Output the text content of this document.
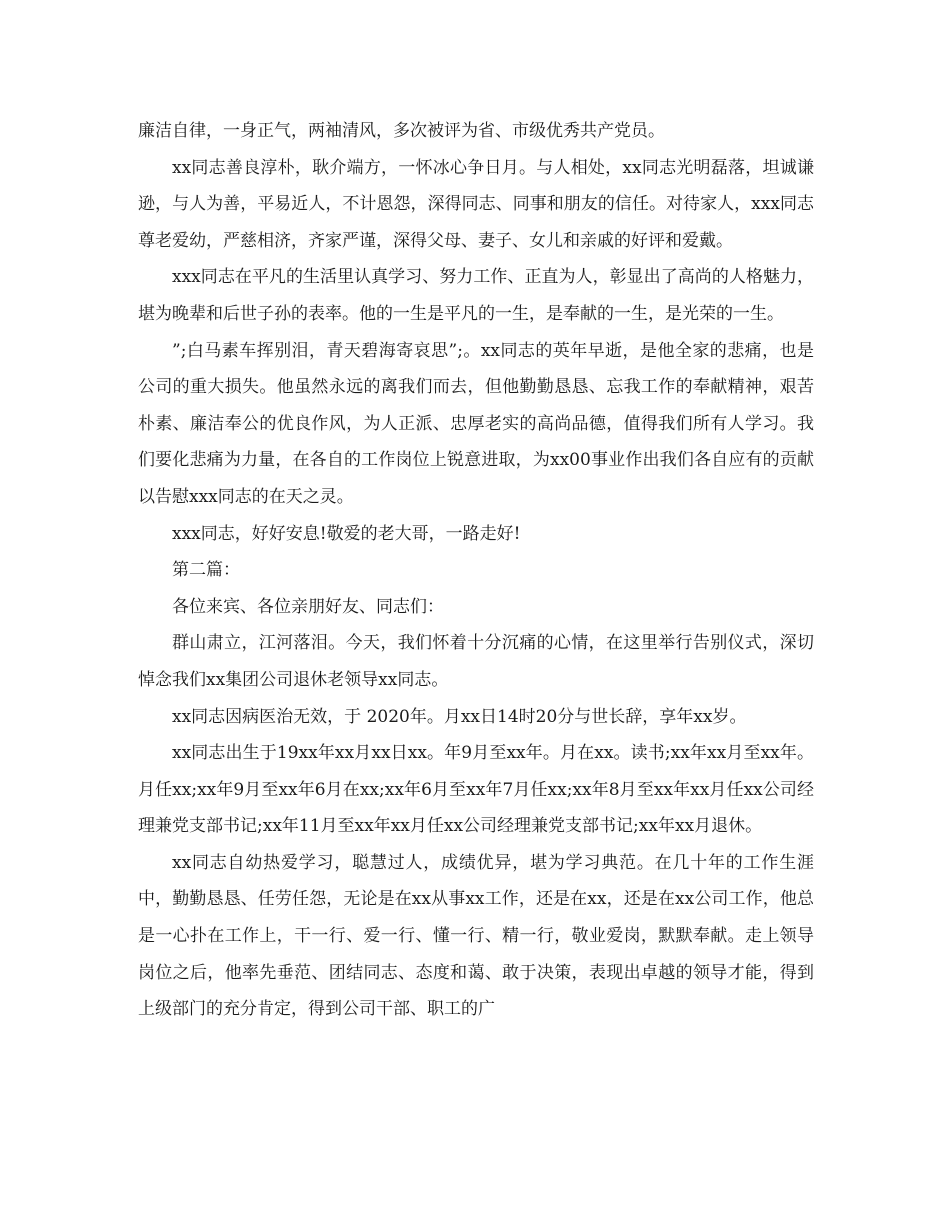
廉洁自律，一身正气，两袖清风，多次被评为省、市级优秀共产党员。

xx同志善良淳朴，耿介端方，一怀冰心争日月。与人相处，xx同志光明磊落，坦诚谦逊，与人为善，平易近人，不计恩怨，深得同志、同事和朋友的信任。对待家人，xxx同志尊老爱幼，严慈相济，齐家严谨，深得父母、妻子、女儿和亲戚的好评和爱戴。

xxx同志在平凡的生活里认真学习、努力工作、正直为人，彰显出了高尚的人格魅力，堪为晚辈和后世子孙的表率。他的一生是平凡的一生，是奉献的一生，是光荣的一生。

”;白马素车挥别泪，青天碧海寄哀思”;。xx同志的英年早逝，是他全家的悲痛，也是公司的重大损失。他虽然永远的离我们而去，但他勤勤恳恳、忘我工作的奉献精神，艰苦朴素、廉洁奉公的优良作风，为人正派、忠厚老实的高尚品德，值得我们所有人学习。我们要化悲痛为力量，在各自的工作岗位上锐意进取，为xx00事业作出我们各自应有的贡献以告慰xxx同志的在天之灵。

xxx同志，好好安息!敬爱的老大哥，一路走好!

第二篇：

各位来宾、各位亲朋好友、同志们：

群山肃立，江河落泪。今天，我们怀着十分沉痛的心情，在这里举行告别仪式，深切悼念我们xx集团公司退休老领导xx同志。

xx同志因病医治无效，于 2020年。月xx日14时20分与世长辞，享年xx岁。

xx同志出生于19xx年xx月xx日xx。年9月至xx年。月在xx。读书;xx年xx月至xx年。月任xx;xx年9月至xx年6月在xx;xx年6月至xx年7月任xx;xx年8月至xx年xx月任xx公司经理兼党支部书记;xx年11月至xx年xx月任xx公司经理兼党支部书记;xx年xx月退休。

xx同志自幼热爱学习，聪慧过人，成绩优异，堪为学习典范。在几十年的工作生涯中，勤勤恳恳、任劳任怨，无论是在xx从事xx工作，还是在xx，还是在xx公司工作，他总是一心扑在工作上，干一行、爱一行、懂一行、精一行，敬业爱岗，默默奉献。走上领导岗位之后，他率先垂范、团结同志、态度和蔼、敢于决策，表现出卓越的领导才能，得到上级部门的充分肯定，得到公司干部、职工的广
